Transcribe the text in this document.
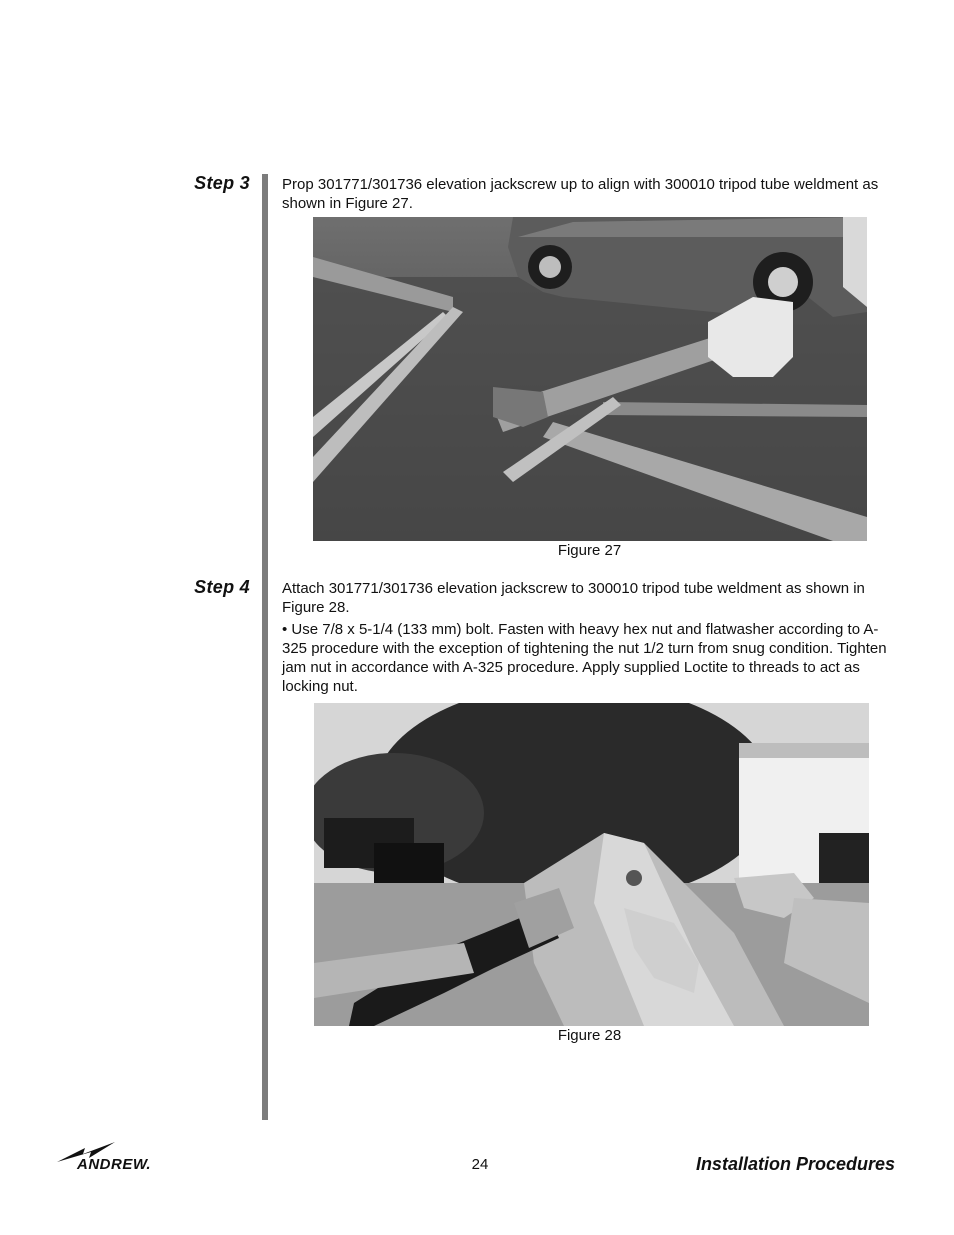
Step 3 Prop 301771/301736 elevation jackscrew up to align with 300010 tripod tube weldment as shown in Figure 27.
Figure 27
Step 4 Attach 301771/301736 elevation jackscrew to 300010 tripod tube weldment as shown in Figure 28.
• Use 7/8 x 5-1/4 (133 mm) bolt. Fasten with heavy hex nut and flatwasher according to A-325 procedure with the exception of tightening the nut 1/2 turn from snug condition. Tighten jam nut in accordance with A-325 procedure. Apply supplied Loctite to threads to act as locking nut.
Figure 28
ANDREW.	24	Installation Procedures
